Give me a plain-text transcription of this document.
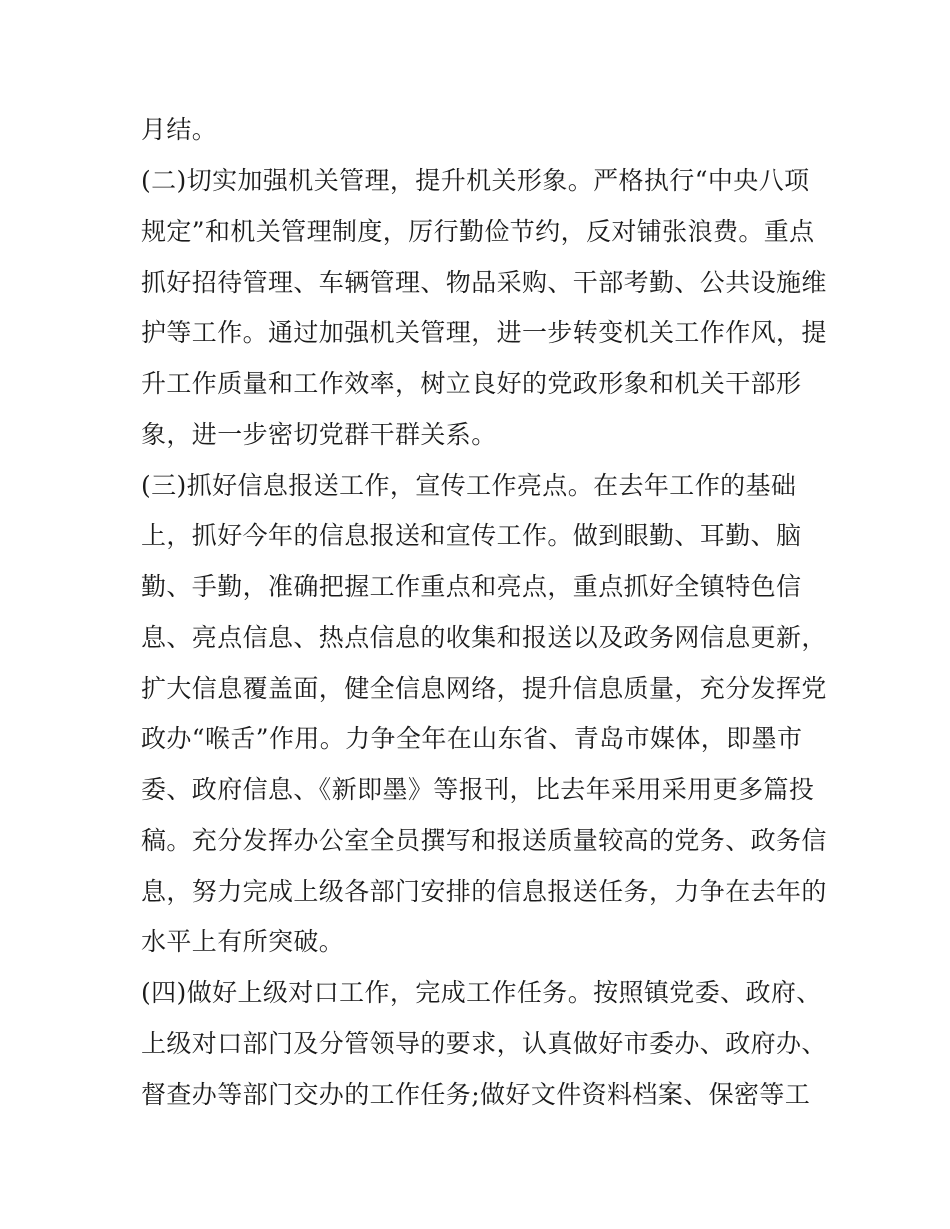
月结。
(二)切实加强机关管理，提升机关形象。严格执行“中央八项
规定”和机关管理制度，厉行勤俭节约，反对铺张浪费。重点
抓好招待管理、车辆管理、物品采购、干部考勤、公共设施维
护等工作。通过加强机关管理，进一步转变机关工作作风，提
升工作质量和工作效率，树立良好的党政形象和机关干部形
象，进一步密切党群干群关系。
(三)抓好信息报送工作，宣传工作亮点。在去年工作的基础
上，抓好今年的信息报送和宣传工作。做到眼勤、耳勤、脑
勤、手勤，准确把握工作重点和亮点，重点抓好全镇特色信
息、亮点信息、热点信息的收集和报送以及政务网信息更新，
扩大信息覆盖面，健全信息网络，提升信息质量，充分发挥党
政办“喉舌”作用。力争全年在山东省、青岛市媒体，即墨市
委、政府信息、《新即墨》等报刊，比去年采用采用更多篇投
稿。充分发挥办公室全员撰写和报送质量较高的党务、政务信
息，努力完成上级各部门安排的信息报送任务，力争在去年的
水平上有所突破。
(四)做好上级对口工作，完成工作任务。按照镇党委、政府、
上级对口部门及分管领导的要求，认真做好市委办、政府办、
督查办等部门交办的工作任务;做好文件资料档案、保密等工
